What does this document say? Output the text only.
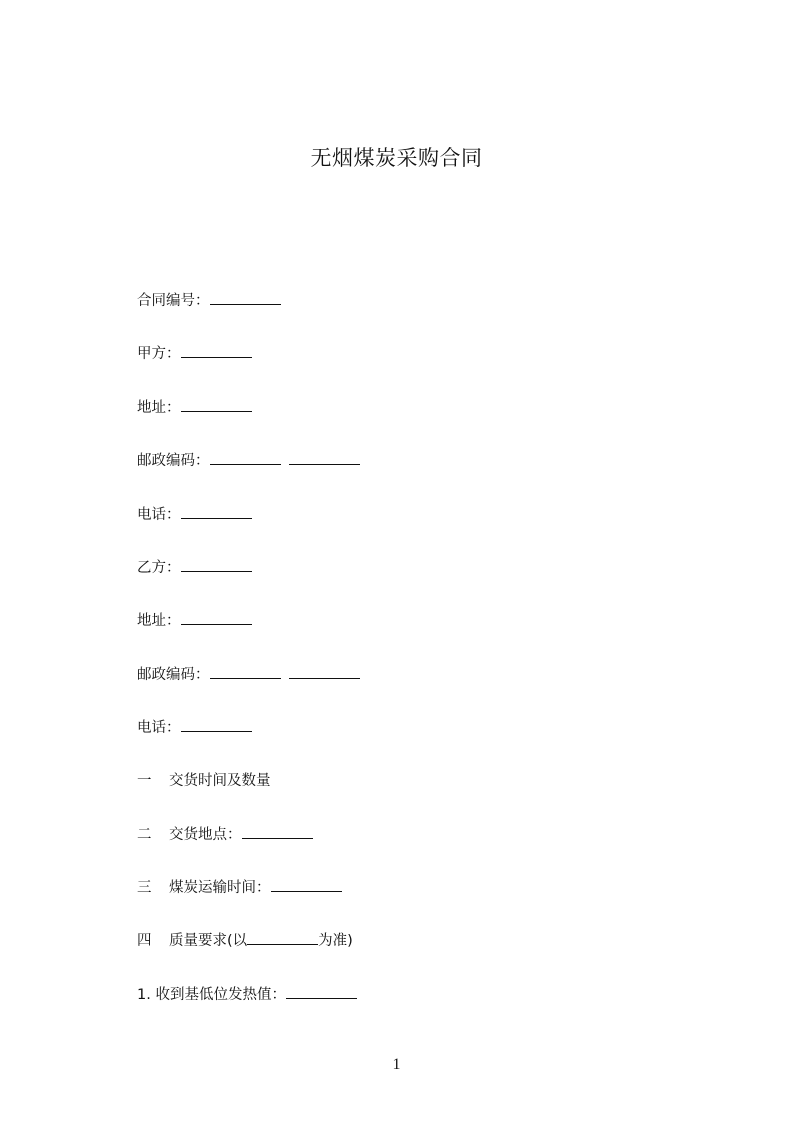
无烟煤炭采购合同
合同编号：
甲方：
地址：
邮政编码：
电话：
乙方：
地址：
邮政编码：
电话：
一 交货时间及数量
二 交货地点：
三 煤炭运输时间：
四 质量要求(以	为准)
1. 收到基低位发热值：
1
